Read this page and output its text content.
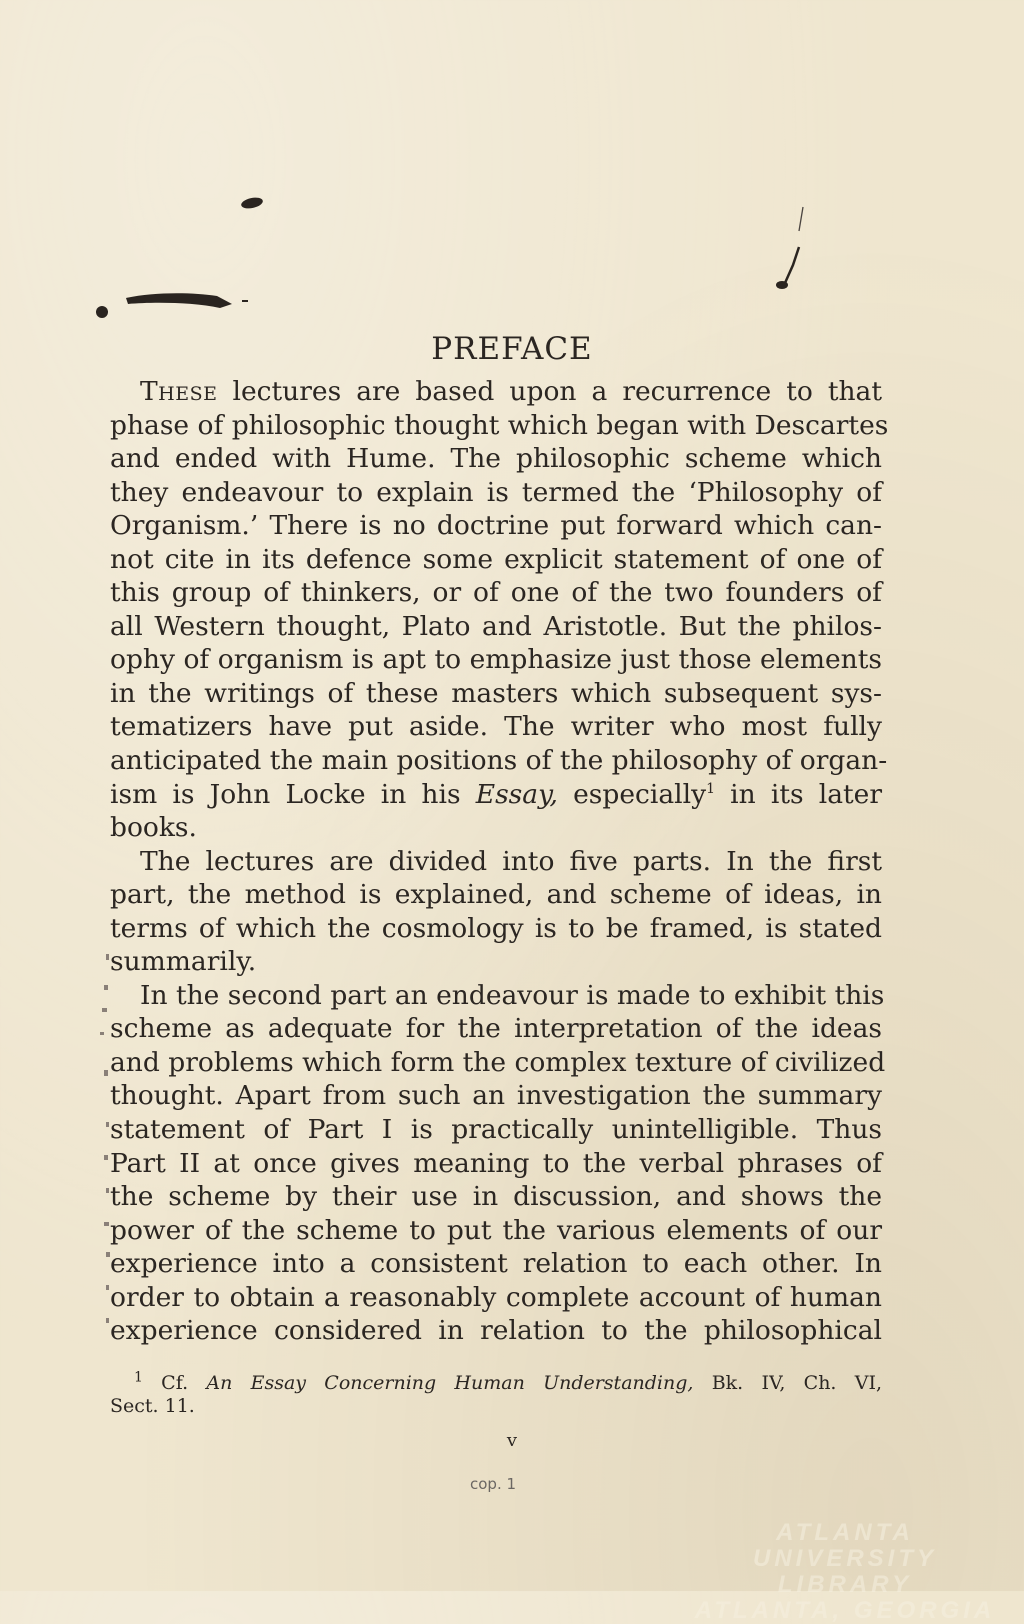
PREFACE
These lectures are based upon a recurrence to that
phase of philosophic thought which began with Descartes
and ended with Hume. The philosophic scheme which
they endeavour to explain is termed the ‘Philosophy of
Organism.’ There is no doctrine put forward which can-
not cite in its defence some explicit statement of one of
this group of thinkers, or of one of the two founders of
all Western thought, Plato and Aristotle. But the philos-
ophy of organism is apt to emphasize just those elements
in the writings of these masters which subsequent sys-
tematizers have put aside. The writer who most fully
anticipated the main positions of the philosophy of organ-
ism is John Locke in his Essay, especially$^1$ in its later
books.
The lectures are divided into five parts. In the first
part, the method is explained, and scheme of ideas, in
terms of which the cosmology is to be framed, is stated
summarily.
In the second part an endeavour is made to exhibit this
scheme as adequate for the interpretation of the ideas
and problems which form the complex texture of civilized
thought. Apart from such an investigation the summary
statement of Part I is practically unintelligible. Thus
Part II at once gives meaning to the verbal phrases of
the scheme by their use in discussion, and shows the
power of the scheme to put the various elements of our
experience into a consistent relation to each other. In
order to obtain a reasonably complete account of human
experience considered in relation to the philosophical
$^1$ Cf. An Essay Concerning Human Understanding, Bk. IV, Ch. VI,
Sect. 11.
v
cop. 1
ATLANTA UNIVERSITY
LIBRARY
ATLANTA, GEORGIA
